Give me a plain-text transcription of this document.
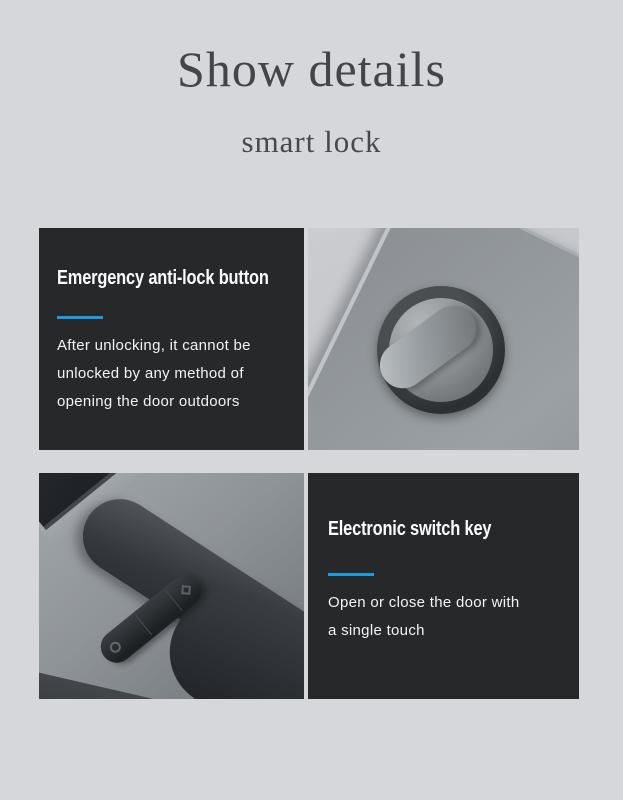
Show details
smart lock
Emergency anti-lock button
After unlocking, it cannot be
unlocked by any method of
opening the door outdoors
Electronic switch key
Open or close the door with
a single touch
